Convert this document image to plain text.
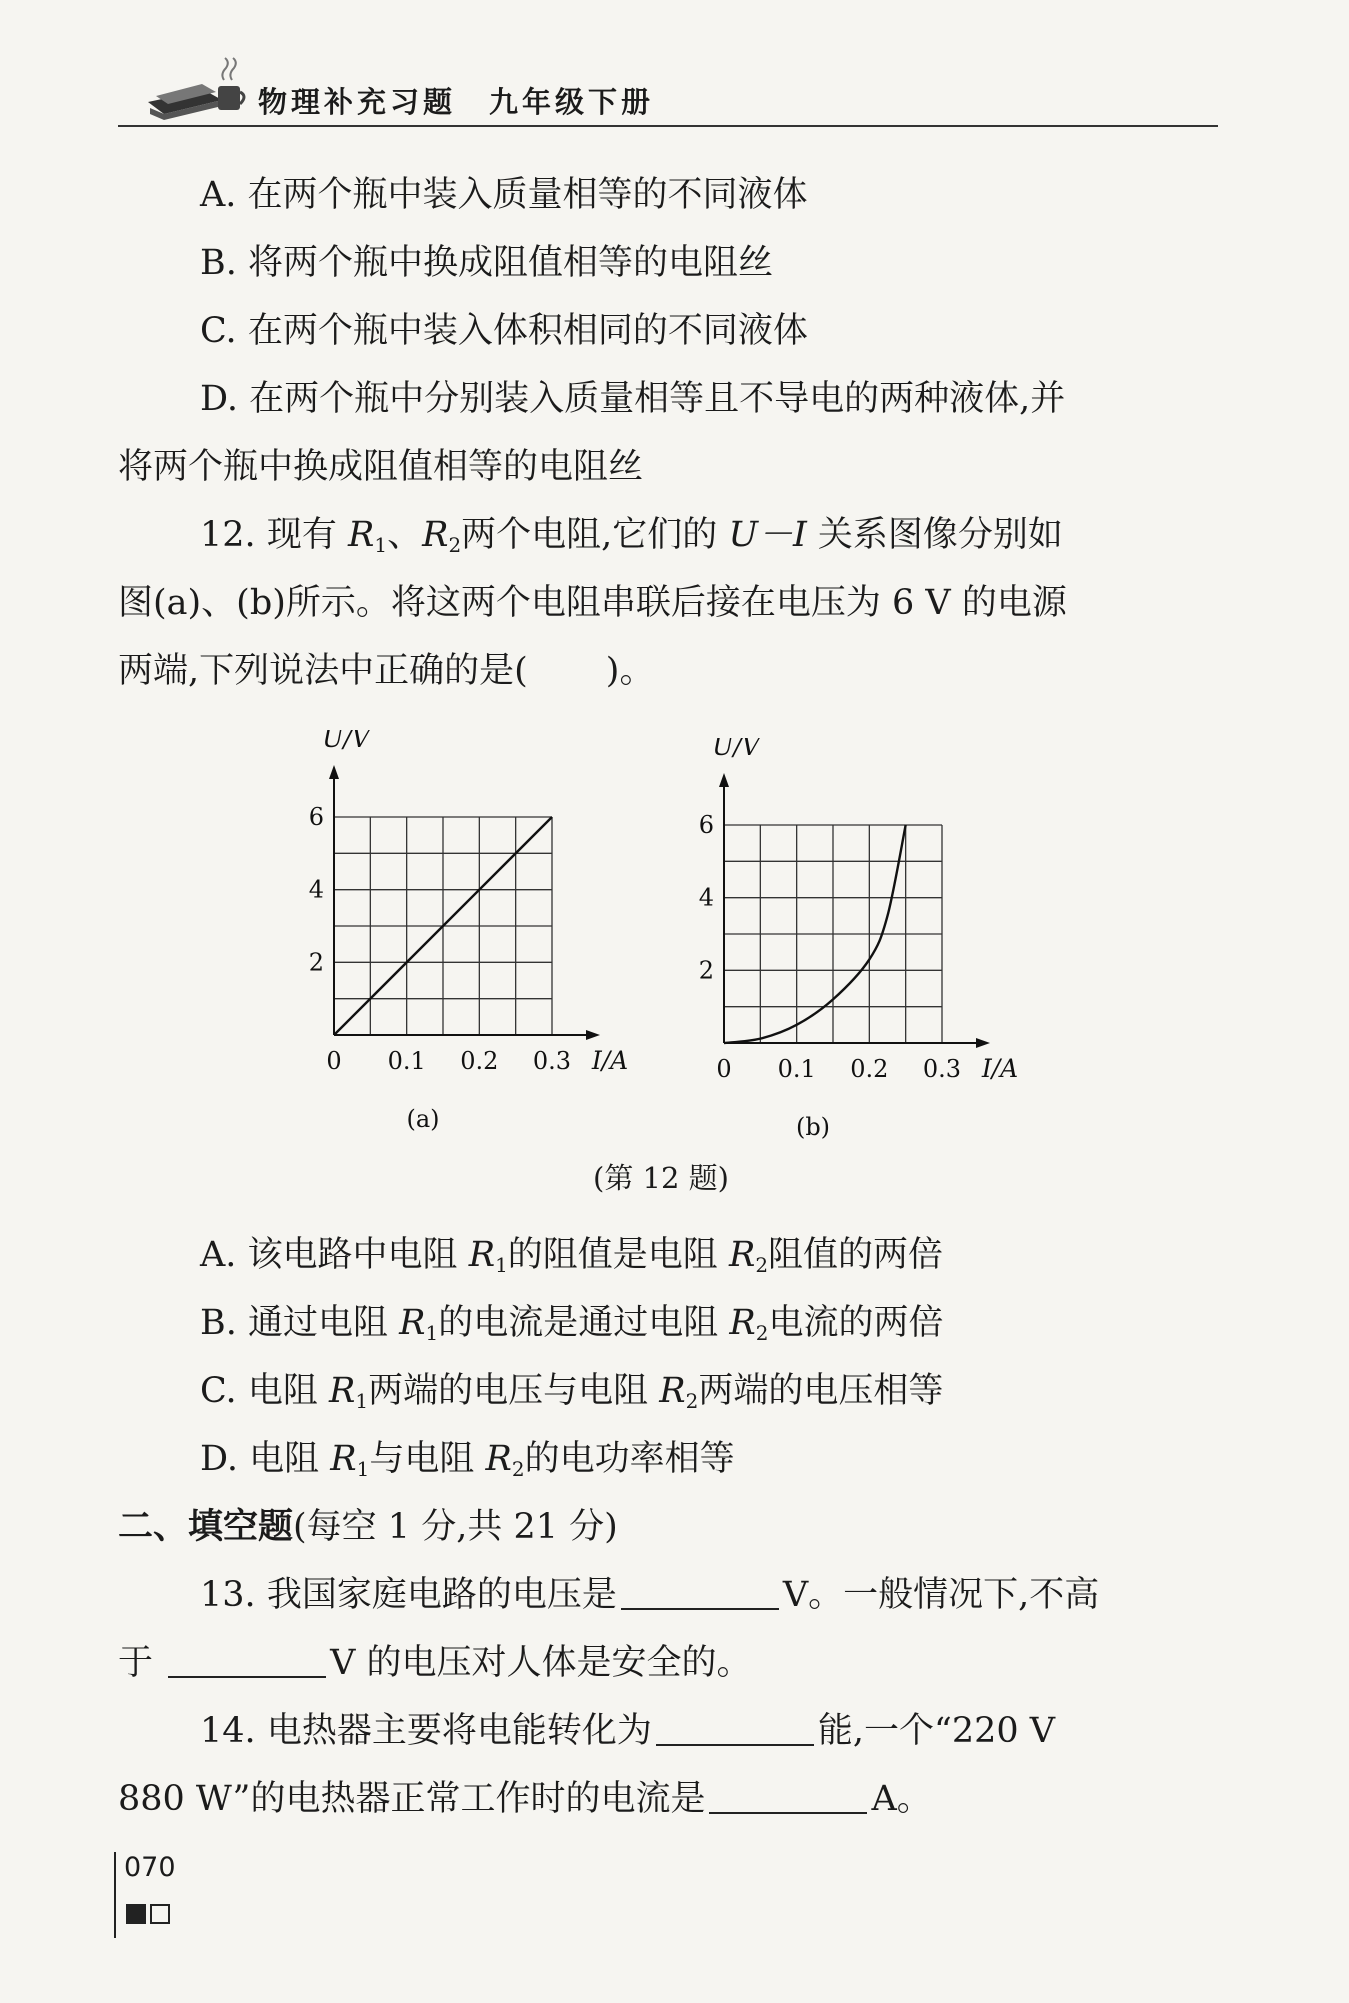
物理补充习题　九年级下册
A. 在两个瓶中装入质量相等的不同液体
B. 将两个瓶中换成阻值相等的电阻丝
C. 在两个瓶中装入体积相同的不同液体
D. 在两个瓶中分别装入质量相等且不导电的两种液体,并
将两个瓶中换成阻值相等的电阻丝
12. 现有 $R_1$、$R_2$两个电阻,它们的 U－I 关系图像分别如
图(a)、(b)所示。将这两个电阻串联后接在电压为 6 V 的电源
两端,下列说法中正确的是( )。
0 0.1 0.2 0.3
2
4
6
I/A
U/V
(a)
0 0.1 0.2 0.3
2
4
6
I/A
U/V
(b)
(第 12 题)
A. 该电路中电阻 $R_1$的阻值是电阻 $R_2$阻值的两倍
B. 通过电阻 $R_1$的电流是通过电阻 $R_2$电流的两倍
C. 电阻 $R_1$两端的电压与电阻 $R_2$两端的电压相等
D. 电阻 $R_1$与电阻 $R_2$的电功率相等
二、填空题(每空 1 分,共 21 分)
13. 我国家庭电路的电压是	V。一般情况下,不高
于	V 的电压对人体是安全的。
14. 电热器主要将电能转化为	能,一个“220 V
880 W”的电热器正常工作时的电流是	A。
070
